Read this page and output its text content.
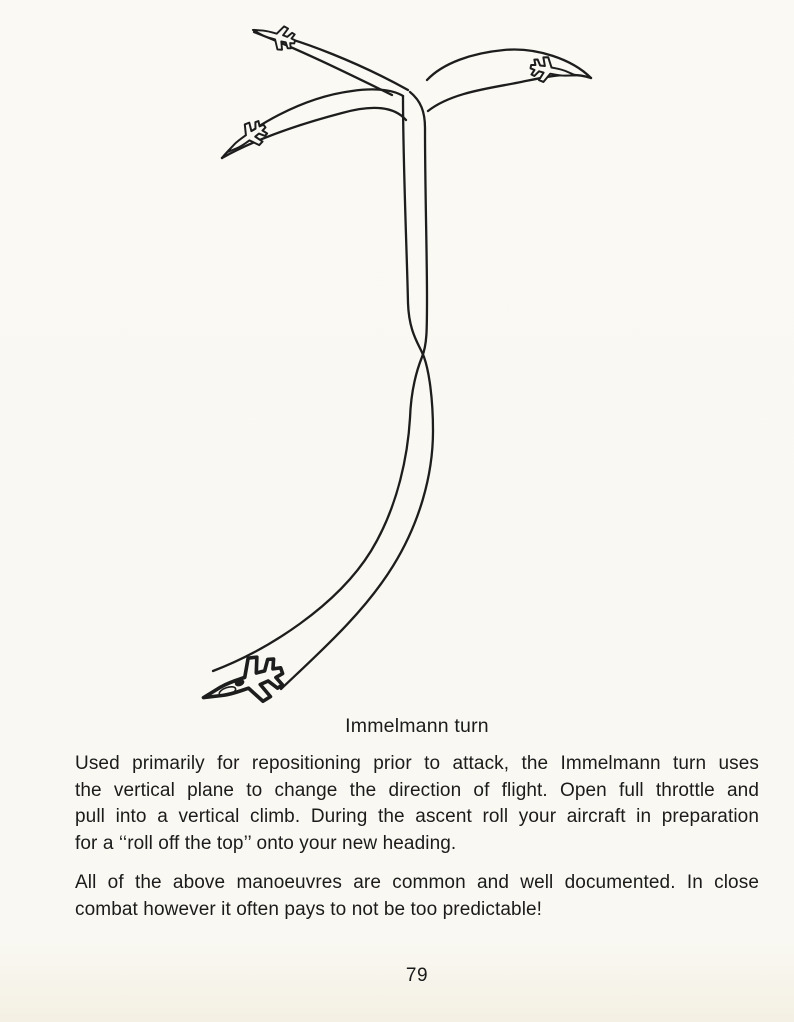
Immelmann turn
Used primarily for repositioning prior to attack, the Immelmann turn uses
the vertical plane to change the direction of flight. Open full throttle and
pull into a vertical climb. During the ascent roll your aircraft in preparation
for a ‘‘roll off the top’’ onto your new heading.
All of the above manoeuvres are common and well documented. In close
combat however it often pays to not be too predictable!
79
